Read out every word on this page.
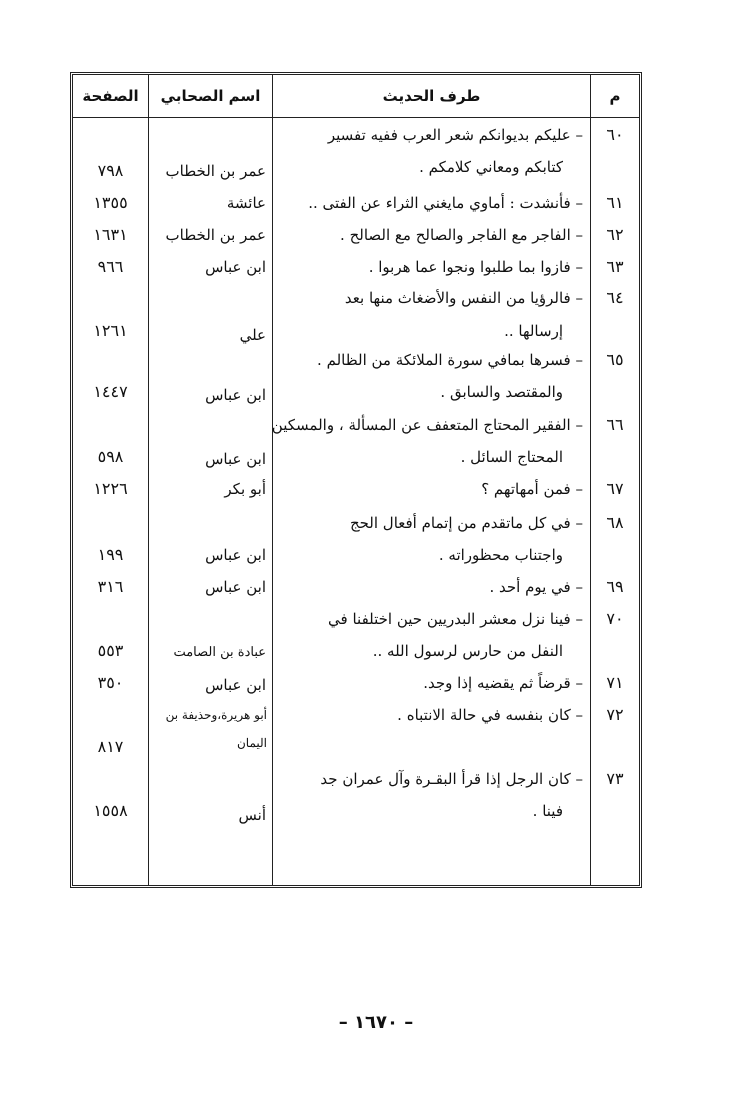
م
طرف الحديث
اسم الصحابي
الصفحة
٦٠
– عليكم بديوانكم شعر العرب ففيه تفسير
كتابكم ومعاني كلامكم .
عمر بن الخطاب
٧٩٨
٦١
– فأنشدت : أماوي مايغني الثراء عن الفتى ..
عائشة
١٣٥٥
٦٢
– الفاجر مع الفاجر والصالح مع الصالح .
عمر بن الخطاب
١٦٣١
٦٣
– فازوا بما طلبوا ونجوا عما هربوا .
ابن عباس
٩٦٦
٦٤
– فالرؤيا من النفس والأضغاث منها بعد
إرسالها ..
علي
١٢٦١
٦٥
– فسرها بمافي سورة الملائكة من الظالم .
والمقتصد والسابق .
ابن عباس
١٤٤٧
٦٦
– الفقير المحتاج المتعفف عن المسألة ، والمسكين
المحتاج السائل .
ابن عباس
٥٩٨
٦٧
– فمن أمهاتهم ؟
أبو بكر
١٢٢٦
٦٨
– في كل ماتقدم من إتمام أفعال الحج
واجتناب محظوراته .
ابن عباس
١٩٩
٦٩
– في يوم أحد .
ابن عباس
٣١٦
٧٠
– فينا نزل معشر البدريين حين اختلفنا في
النفل من حارس لرسول الله ..
عبادة بن الصامت
٥٥٣
٧١
– قرضاً ثم يقضيه إذا وجد.
ابن عباس
٣٥٠
٧٢
– كان بنفسه في حالة الانتباه .
أبو هريرة،وحذيفة بن
اليمان
٨١٧
٧٣
– كان الرجل إذا قرأ البقـرة وآل عمران جد
فينا .
أنس
١٥٥٨
– ١٦٧٠ –
